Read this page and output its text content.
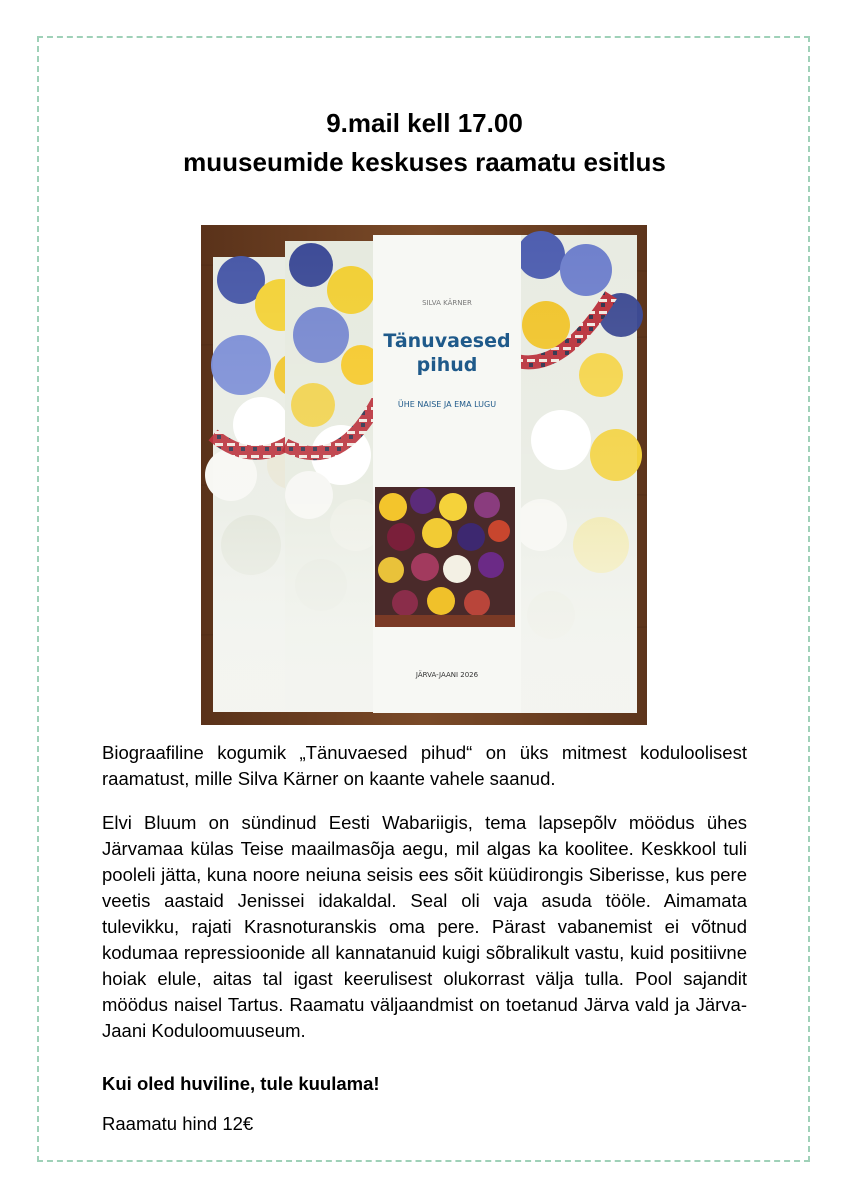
9.mail kell 17.00
muuseumide keskuses raamatu esitlus
SILVA KÄRNER
Tänuvaesed
pihud
ÜHE NAISE JA EMA LUGU
JÄRVA-JAANI 2026

Biograafiline kogumik „Tänuvaesed pihud“ on üks mitmest koduloolisest raamatust, mille Silva Kärner on kaante vahele saanud.

Elvi Bluum on sündinud Eesti Wabariigis, tema lapsepõlv möödus ühes Järvamaa külas Teise maailmasõja aegu, mil algas ka koolitee. Keskkool tuli pooleli jätta, kuna noore neiuna seisis ees sõit küüdirongis Siberisse, kus pere veetis aastaid Jenissei idakaldal. Seal oli vaja asuda tööle. Aimamata tulevikku, rajati Krasnoturanskis oma pere. Pärast vabanemist ei võtnud kodumaa repressioonide all kannatanuid kuigi sõbralikult vastu, kuid positiivne hoiak elule, aitas tal igast keerulisest olukorrast välja tulla. Pool sajandit möödus naisel Tartus. Raamatu väljaandmist on toetanud Järva vald ja Järva-Jaani Koduloomuuseum.

Kui oled huviline, tule kuulama!

Raamatu hind 12€
